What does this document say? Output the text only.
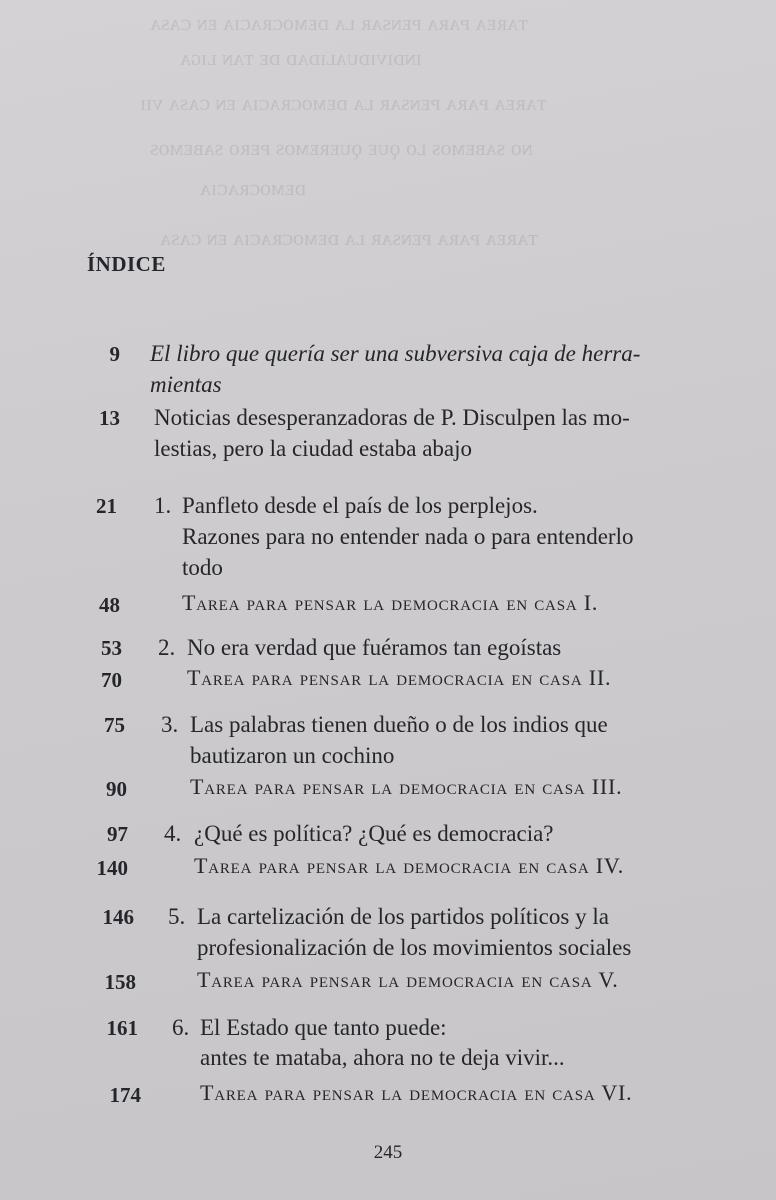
ᴛᴀʀᴇᴀ ᴘᴀʀᴀ ᴘᴇɴsᴀʀ ʟᴀ ᴅᴇᴍᴏᴄʀᴀᴄɪᴀ ᴇɴ ᴄᴀsᴀ
ɪɴᴅɪᴠɪᴅᴜᴀʟɪᴅᴀᴅ ᴅᴇ ᴛᴀɴ ʟɪɢᴀ
ᴛᴀʀᴇᴀ ᴘᴀʀᴀ ᴘᴇɴsᴀʀ ʟᴀ ᴅᴇᴍᴏᴄʀᴀᴄɪᴀ ᴇɴ ᴄᴀsᴀ ᴠɪɪ
ɴᴏ sᴀʙᴇᴍᴏs ʟᴏ ǫᴜᴇ ǫᴜᴇʀᴇᴍᴏs ᴘᴇʀᴏ sᴀʙᴇᴍᴏs
ᴅᴇᴍᴏᴄʀᴀᴄɪᴀ
ᴛᴀʀᴇᴀ ᴘᴀʀᴀ ᴘᴇɴsᴀʀ ʟᴀ ᴅᴇᴍᴏᴄʀᴀᴄɪᴀ ᴇɴ ᴄᴀsᴀ
ÍNDICE
9 El libro que quería ser una subversiva caja de herra-
mientas
13 Noticias desesperanzadoras de P. Disculpen las mo-
lestias, pero la ciudad estaba abajo
21 1. Panfleto desde el país de los perplejos.
Razones para no entender nada o para entenderlo
todo
48	Tarea para pensar la democracia en casa I.
53 2. No era verdad que fuéramos tan egoístas
70	Tarea para pensar la democracia en casa II.
75 3. Las palabras tienen dueño o de los indios que
bautizaron un cochino
90	Tarea para pensar la democracia en casa III.
97 4. ¿Qué es política? ¿Qué es democracia?
140	Tarea para pensar la democracia en casa IV.
146 5. La cartelización de los partidos políticos y la
profesionalización de los movimientos sociales
158	Tarea para pensar la democracia en casa V.
161 6. El Estado que tanto puede:
antes te mataba, ahora no te deja vivir...
174	Tarea para pensar la democracia en casa VI.
245
